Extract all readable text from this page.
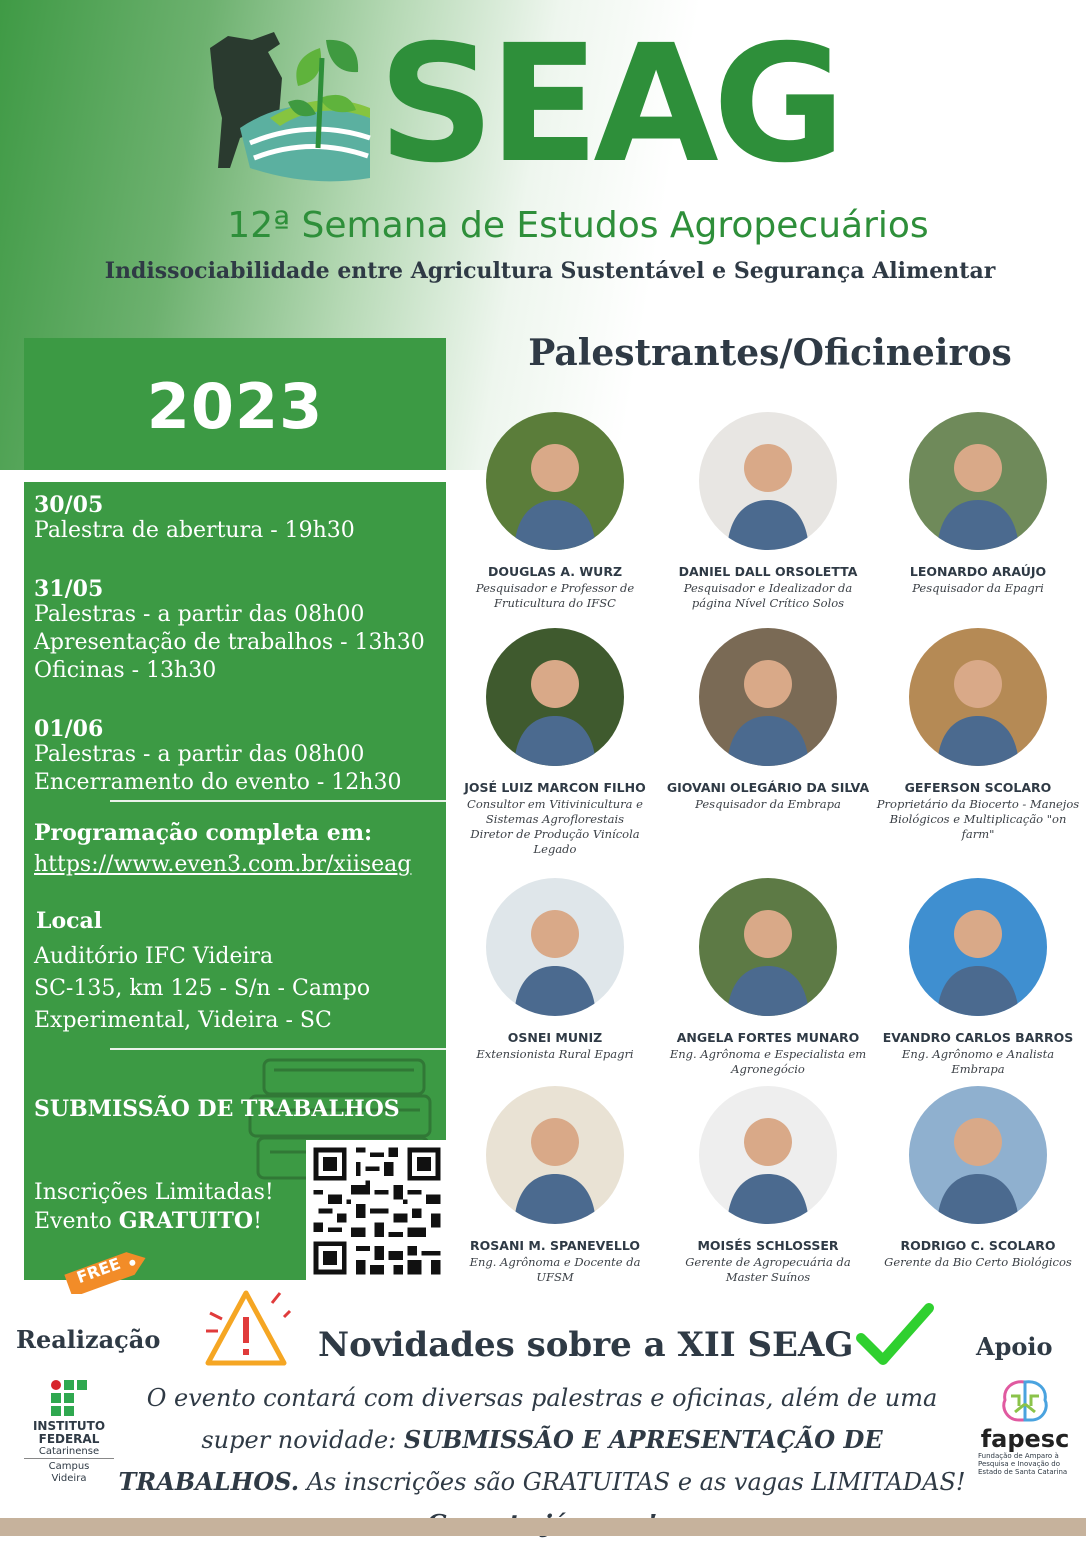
SEAG
12ª Semana de Estudos Agropecuários
Indissociabilidade entre Agricultura Sustentável e Segurança Alimentar
2023
30/05
Palestra de abertura - 19h30
31/05
Palestras - a partir das 08h00
Apresentação de trabalhos - 13h30
Oficinas - 13h30
01/06
Palestras - a partir das 08h00
Encerramento do evento - 12h30
Programação completa em:
https://www.even3.com.br/xiiseag
Local
Auditório IFC Videira
SC-135, km 125 - S/n - Campo
Experimental, Videira - SC
SUBMISSÃO DE TRABALHOS
Inscrições Limitadas!
Evento GRATUITO!
FREE
Palestrantes/Oficineiros
DOUGLAS A. WURZ
Pesquisador e Professor de
Fruticultura do IFSC
DANIEL DALL ORSOLETTA
Pesquisador e Idealizador da
página Nível Crítico Solos
LEONARDO ARAÚJO
Pesquisador da Epagri
JOSÉ LUIZ MARCON FILHO
Consultor em Vitivinicultura e
Sistemas Agroflorestais
Diretor de Produção Vinícola
Legado
GIOVANI OLEGÁRIO DA SILVA
Pesquisador da Embrapa
GEFERSON SCOLARO
Proprietário da Biocerto - Manejos
Biológicos e Multiplicação "on
farm"
OSNEI MUNIZ
Extensionista Rural Epagri
ANGELA FORTES MUNARO
Eng. Agrônoma e Especialista em
Agronegócio
EVANDRO CARLOS BARROS
Eng. Agrônomo e Analista
Embrapa
ROSANI M. SPANEVELLO
Eng. Agrônoma e Docente da UFSM
MOISÉS SCHLOSSER
Gerente de Agropecuária da
Master Suínos
RODRIGO C. SCOLARO
Gerente da Bio Certo Biológicos
Realização	Novidades sobre a XII SEAG	Apoio
O evento contará com diversas palestras e oficinas, além de uma super novidade: SUBMISSÃO E APRESENTAÇÃO DE TRABALHOS. As inscrições são GRATUITAS e as vagas LIMITADAS!
INSTITUTO
FEDERAL
Catarinense
Campus
Videira
fapesc
Fundação de Amparo à Pesquisa e Inovação do Estado de Santa Catarina
